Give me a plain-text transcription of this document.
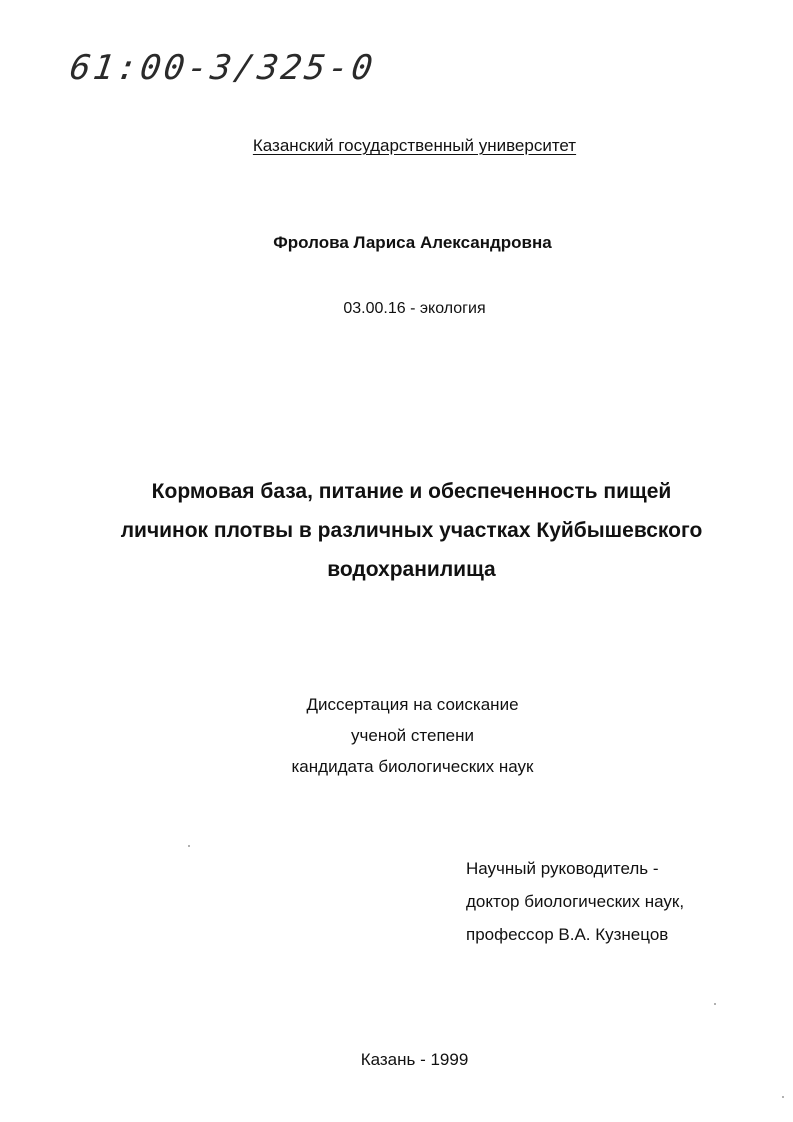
61:00-3/325-0
Казанский государственный университет
Фролова Лариса Александровна
03.00.16 - экология
Кормовая база, питание и обеспеченность пищей
личинок плотвы в различных участках Куйбышевского
водохранилища
Диссертация на соискание
ученой степени
кандидата биологических наук
Научный руководитель -
доктор биологических наук,
профессор В.А. Кузнецов
Казань - 1999
